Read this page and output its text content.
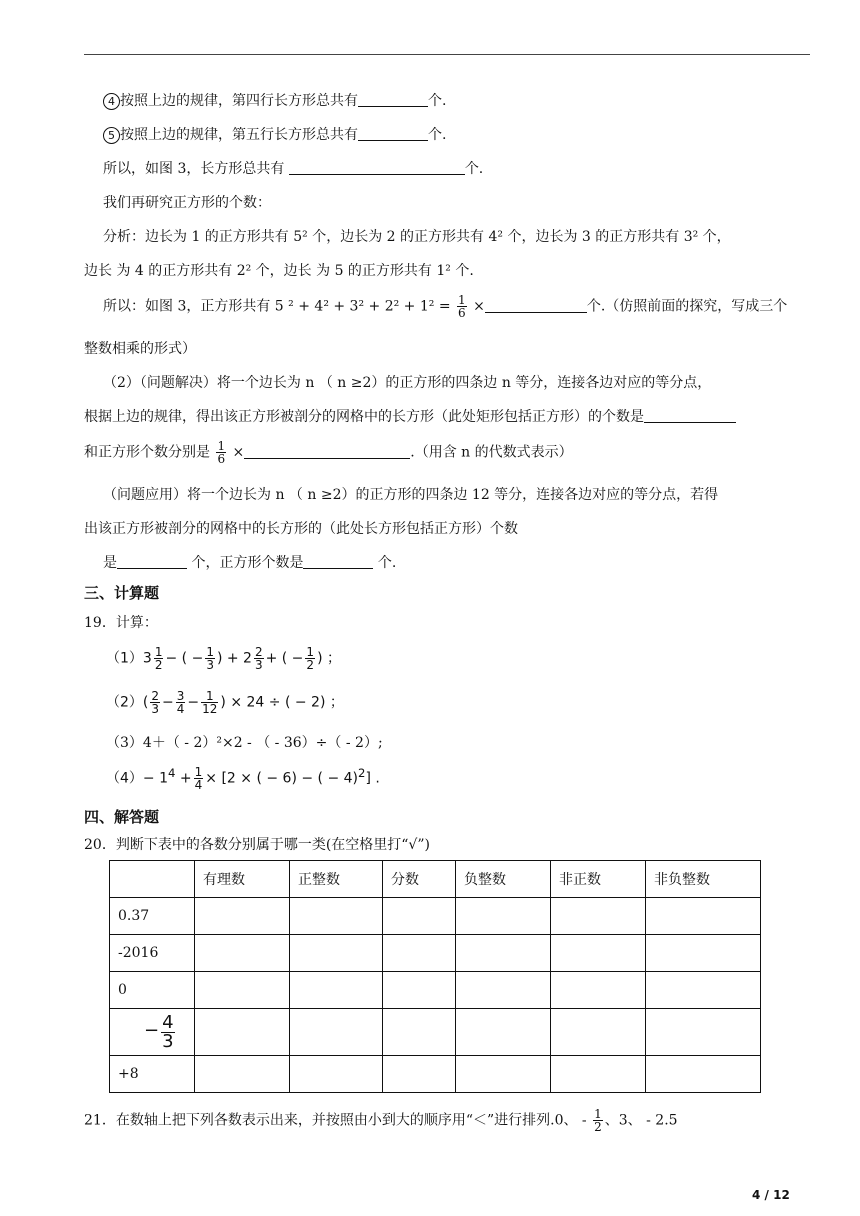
4 按照上边的规律，第四行长方形总共有	个.
5 按照上边的规律，第五行长方形总共有	个.
所以，如图 3，长方形总共有	个.
我们再研究正方形的个数：
分析：边长为 1 的正方形共有 5² 个，边长为 2 的正方形共有 4² 个，边长为 3 的正方形共有 3² 个，
边长 为 4 的正方形共有 2² 个，边长 为 5 的正方形共有 1² 个.
所以：如图 3，正方形共有 5 $^2 + 4^2 + 3^2 + 2^2 + 1^2 = \frac{1}{6}$ ×	个.（仿照前面的探究，写成三个
整数相乘的形式）
（2）（问题解决）将一个边长为 n （ n ≥2）的正方形的四条边 n 等分，连接各边对应的等分点，
根据上边的规律，得出该正方形被剖分的网格中的长方形（此处矩形包括正方形）的个数是
和正方形个数分别是 $\frac{1}{6}$ ×	.（用含 n 的代数式表示）
（问题应用）将一个边长为 n （ n ≥2）的正方形的四条边 12 等分，连接各边对应的等分点，若得
出该正方形被剖分的网格中的长方形的（此处长方形包括正方形）个数
是	个，正方形个数是	个.
三、计算题
19．计算：
$(1)3 \frac{1}{2}$ − ( − $\frac{1}{3}$ ) + $2 \frac{2}{3}$ + ( − $\frac{1}{2}$ ) ；
$(2)( \frac{2}{3} - \frac{3}{4} - \frac{1}{12}$ ) × 24 ÷ ( − 2) ；
（3）4＋（ - 2）²×2 - （ - 36）÷（ - 2）;
$(4)- 1^4 + \frac{1}{4} \times [2$ × ( − 6) − ( − 4)$^2$] .
四、解答题
20．判断下表中的各数分别属于哪一类(在空格里打“√”)
	有理数	正整数	分数	负整数	非正数	非负整数
0.37						
-2016						
0						
− $\frac{4}{3}$

+8						
21．在数轴上把下列各数表示出来，并按照由小到大的顺序用“＜”进行排列.0、 - $\frac{1}{2}$ 、3、 - 2.5
4 / 12
